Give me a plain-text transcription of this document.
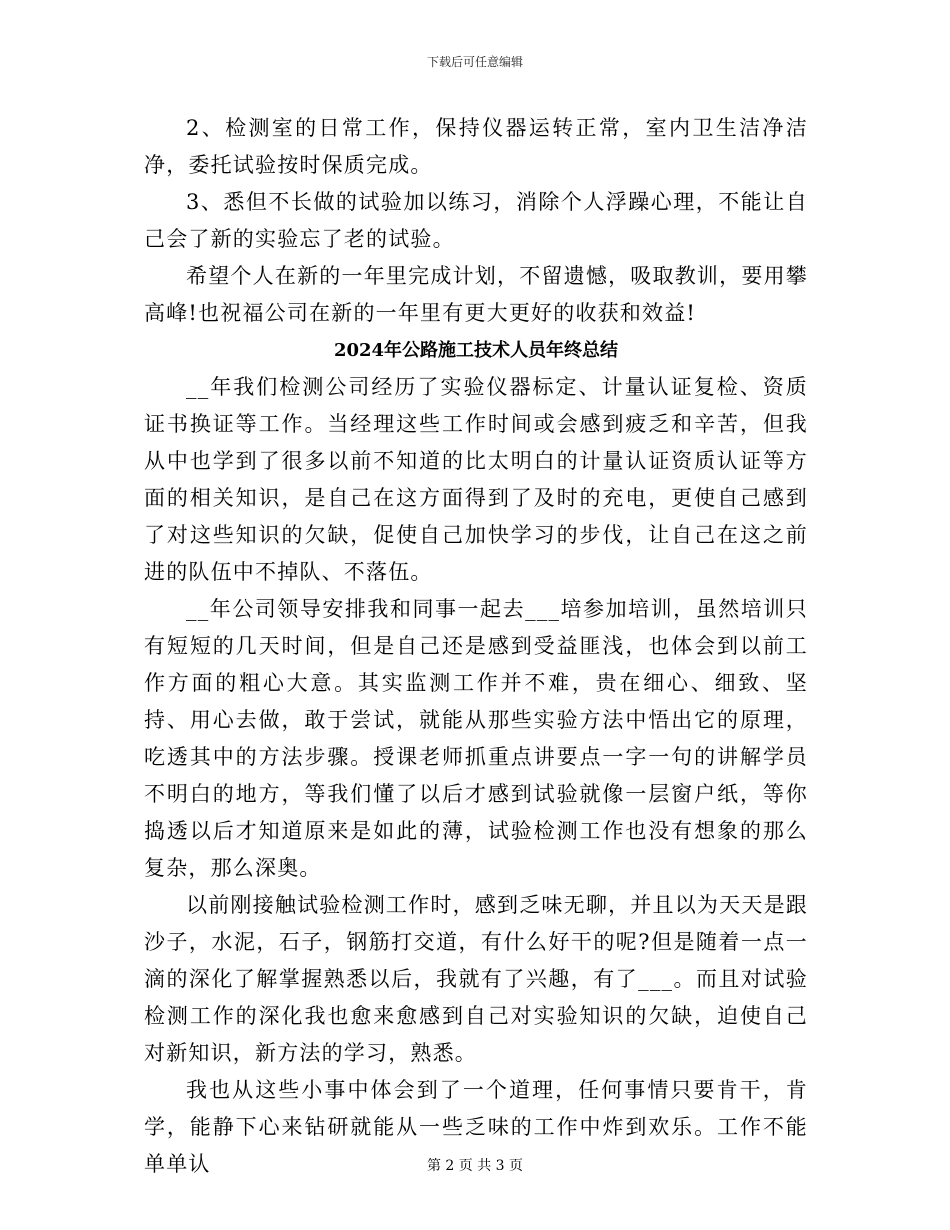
下载后可任意编辑

2、检测室的日常工作，保持仪器运转正常，室内卫生洁净洁净，委托试验按时保质完成。

3、悉但不长做的试验加以练习，消除个人浮躁心理，不能让自己会了新的实验忘了老的试验。

希望个人在新的一年里完成计划，不留遗憾，吸取教训，要用攀高峰!也祝福公司在新的一年里有更大更好的收获和效益!

2024年公路施工技术人员年终总结

__年我们检测公司经历了实验仪器标定、计量认证复检、资质证书换证等工作。当经理这些工作时间或会感到疲乏和辛苦，但我从中也学到了很多以前不知道的比太明白的计量认证资质认证等方面的相关知识，是自己在这方面得到了及时的充电，更使自己感到了对这些知识的欠缺，促使自己加快学习的步伐，让自己在这之前进的队伍中不掉队、不落伍。

__年公司领导安排我和同事一起去___培参加培训，虽然培训只有短短的几天时间，但是自己还是感到受益匪浅，也体会到以前工作方面的粗心大意。其实监测工作并不难，贵在细心、细致、坚持、用心去做，敢于尝试，就能从那些实验方法中悟出它的原理，吃透其中的方法步骤。授课老师抓重点讲要点一字一句的讲解学员不明白的地方，等我们懂了以后才感到试验就像一层窗户纸，等你捣透以后才知道原来是如此的薄，试验检测工作也没有想象的那么复杂，那么深奥。

以前刚接触试验检测工作时，感到乏味无聊，并且以为天天是跟沙子，水泥，石子，钢筋打交道，有什么好干的呢?但是随着一点一滴的深化了解掌握熟悉以后，我就有了兴趣，有了___。而且对试验检测工作的深化我也愈来愈感到自己对实验知识的欠缺，迫使自己对新知识，新方法的学习，熟悉。

我也从这些小事中体会到了一个道理，任何事情只要肯干，肯学，能静下心来钻研就能从一些乏味的工作中炸到欢乐。工作不能单单认	第 2 页 共 3 页
